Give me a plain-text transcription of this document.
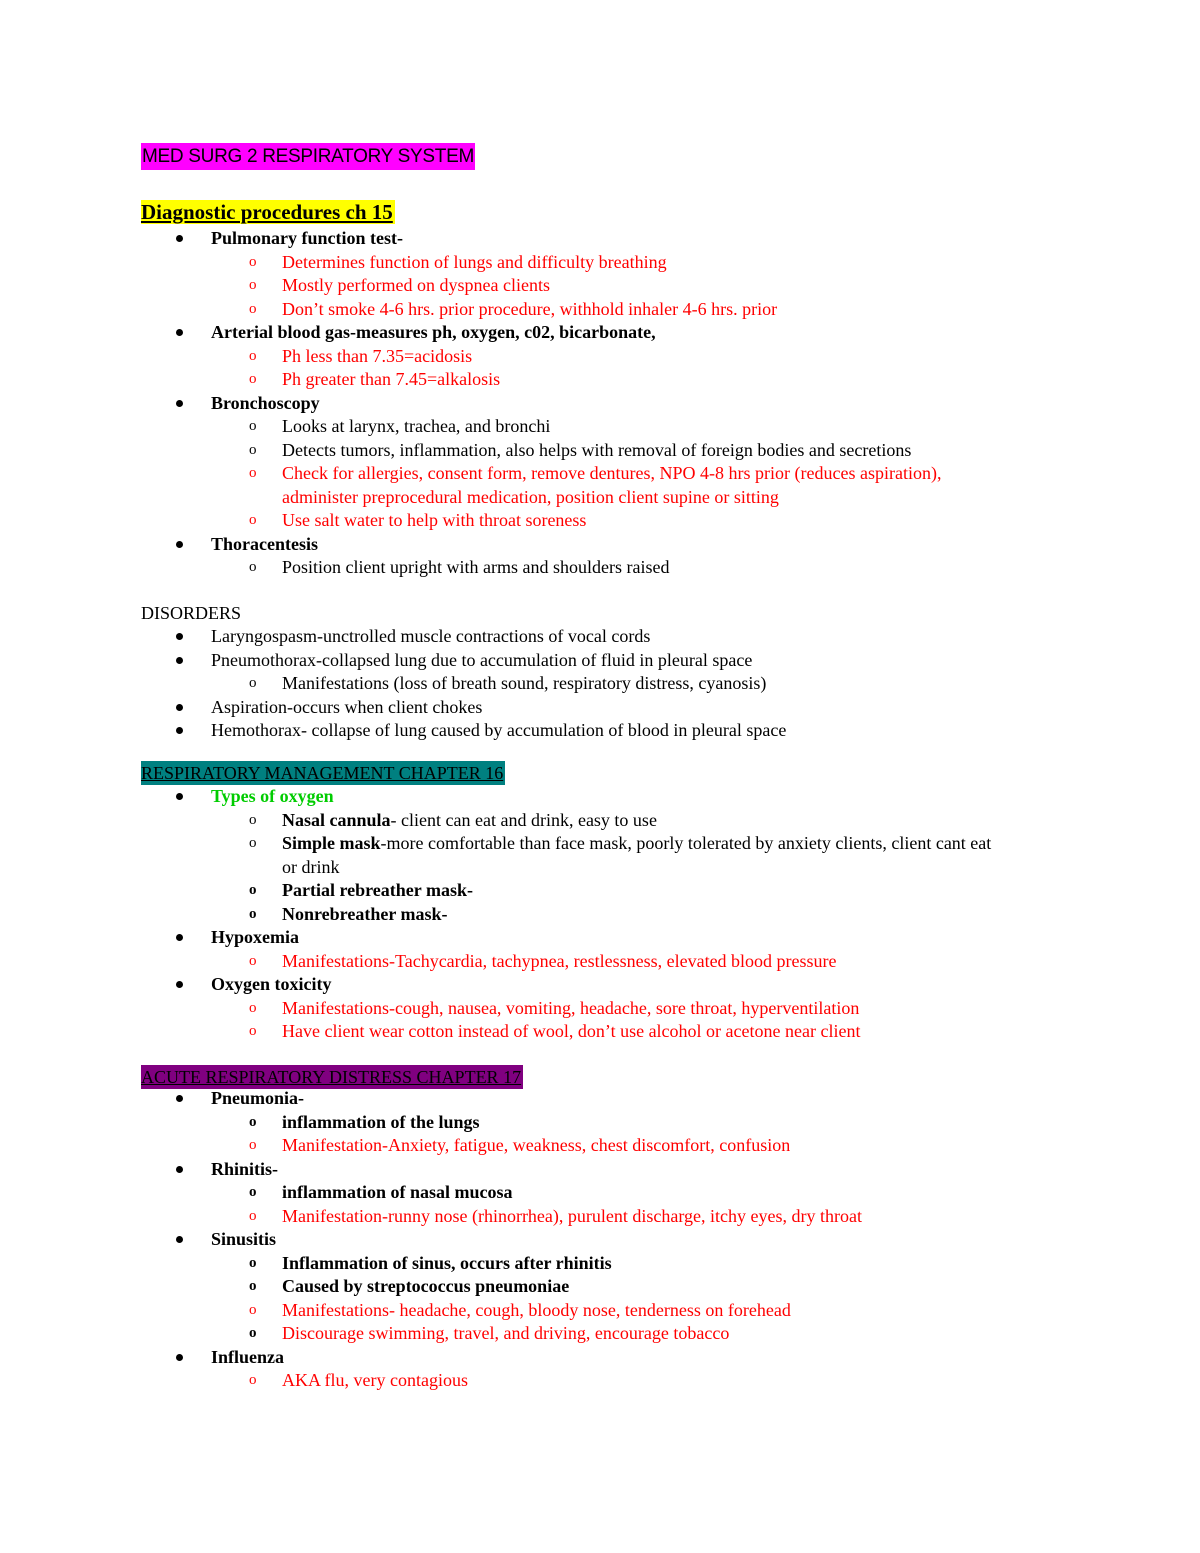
MED SURG 2 RESPIRATORY SYSTEM
Diagnostic procedures ch 15
Pulmonary function test-
o Determines function of lungs and difficulty breathing
o Mostly performed on dyspnea clients
o Don’t smoke 4-6 hrs. prior procedure, withhold inhaler 4-6 hrs. prior
Arterial blood gas-measures ph, oxygen, c02, bicarbonate,
o Ph less than 7.35=acidosis
o Ph greater than 7.45=alkalosis
Bronchoscopy
o Looks at larynx, trachea, and bronchi
o Detects tumors, inflammation, also helps with removal of foreign bodies and secretions
o Check for allergies, consent form, remove dentures, NPO 4-8 hrs prior (reduces aspiration),
administer preprocedural medication, position client supine or sitting
o Use salt water to help with throat soreness
Thoracentesis
o Position client upright with arms and shoulders raised
DISORDERS
Laryngospasm-unctrolled muscle contractions of vocal cords
Pneumothorax-collapsed lung due to accumulation of fluid in pleural space
o Manifestations (loss of breath sound, respiratory distress, cyanosis)
Aspiration-occurs when client chokes
Hemothorax- collapse of lung caused by accumulation of blood in pleural space
RESPIRATORY MANAGEMENT CHAPTER 16
Types of oxygen
o Nasal cannula- client can eat and drink, easy to use
o Simple mask-more comfortable than face mask, poorly tolerated by anxiety clients, client cant eat
or drink
o Partial rebreather mask-
o Nonrebreather mask-
Hypoxemia
o Manifestations-Tachycardia, tachypnea, restlessness, elevated blood pressure
Oxygen toxicity
o Manifestations-cough, nausea, vomiting, headache, sore throat, hyperventilation
o Have client wear cotton instead of wool, don’t use alcohol or acetone near client
ACUTE RESPIRATORY DISTRESS CHAPTER 17
Pneumonia-
o inflammation of the lungs
o Manifestation-Anxiety, fatigue, weakness, chest discomfort, confusion
Rhinitis-
o inflammation of nasal mucosa
o Manifestation-runny nose (rhinorrhea), purulent discharge, itchy eyes, dry throat
Sinusitis
o Inflammation of sinus, occurs after rhinitis
o Caused by streptococcus pneumoniae
o Manifestations- headache, cough, bloody nose, tenderness on forehead
o Discourage swimming, travel, and driving, encourage tobacco
Influenza
o AKA flu, very contagious
